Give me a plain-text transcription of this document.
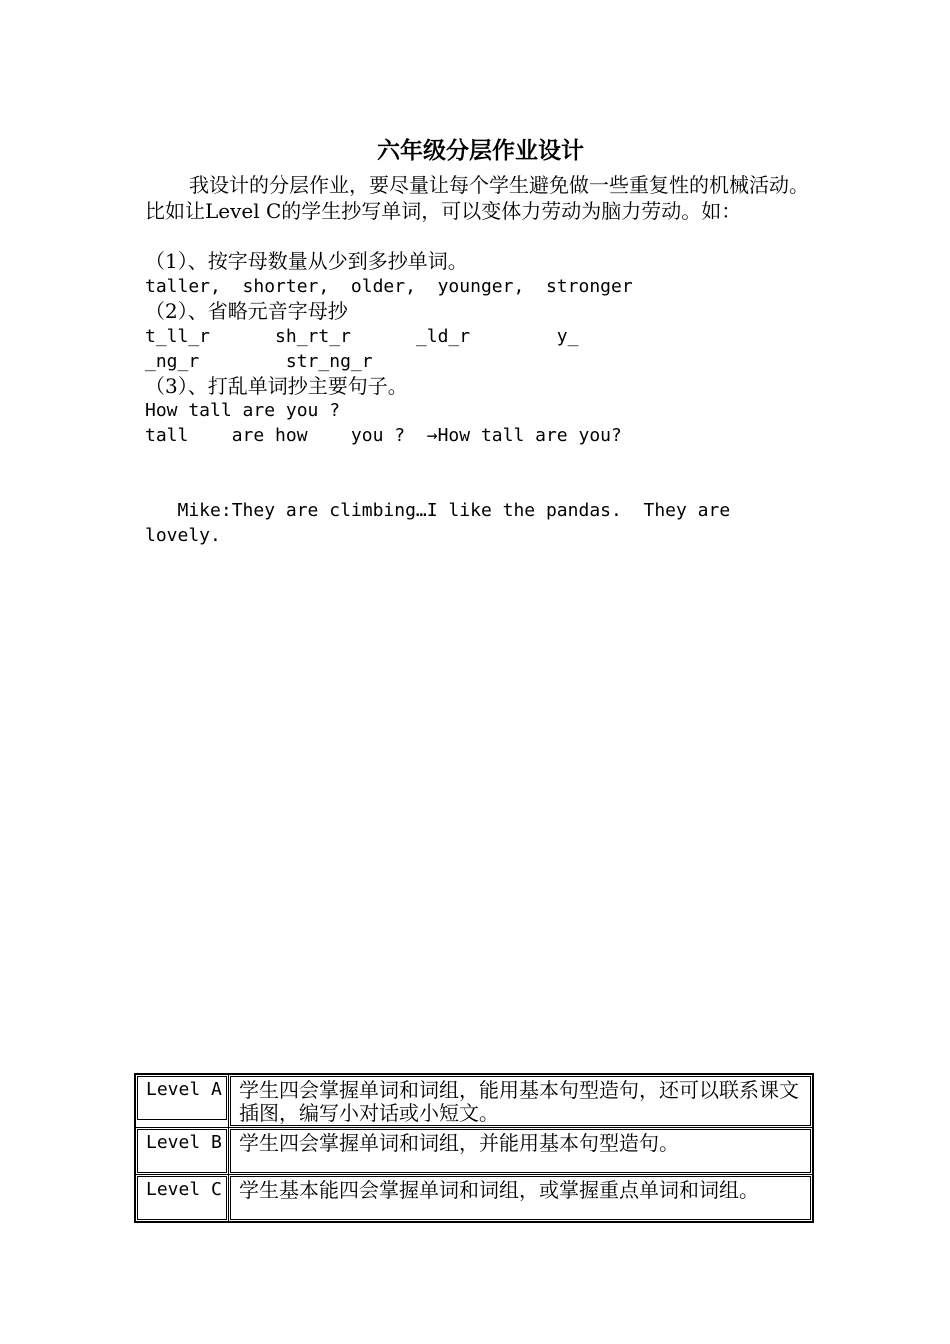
六年级分层作业设计

我设计的分层作业，要尽量让每个学生避免做一些重复性的机械活动。比如让Level C的学生抄写单词，可以变体力劳动为脑力劳动。如：

（1）、按字母数量从少到多抄单词。

taller,  shorter,  older,  younger,  stronger

（2）、省略元音字母抄

t_ll_r      sh_rt_r      _ld_r        y_

_ng_r        str_ng_r

（3）、打乱单词抄主要句子。

How tall are you ?

tall    are how    you ?  →How tall are you?

Mike:They are climbing…I like the pandas.  They are

lovely.

Level A	学生四会掌握单词和词组，能用基本句型造句，还可以联系课文插图，编写小对话或小短文。

Level B	学生四会掌握单词和词组，并能用基本句型造句。

Level C	学生基本能四会掌握单词和词组，或掌握重点单词和词组。
